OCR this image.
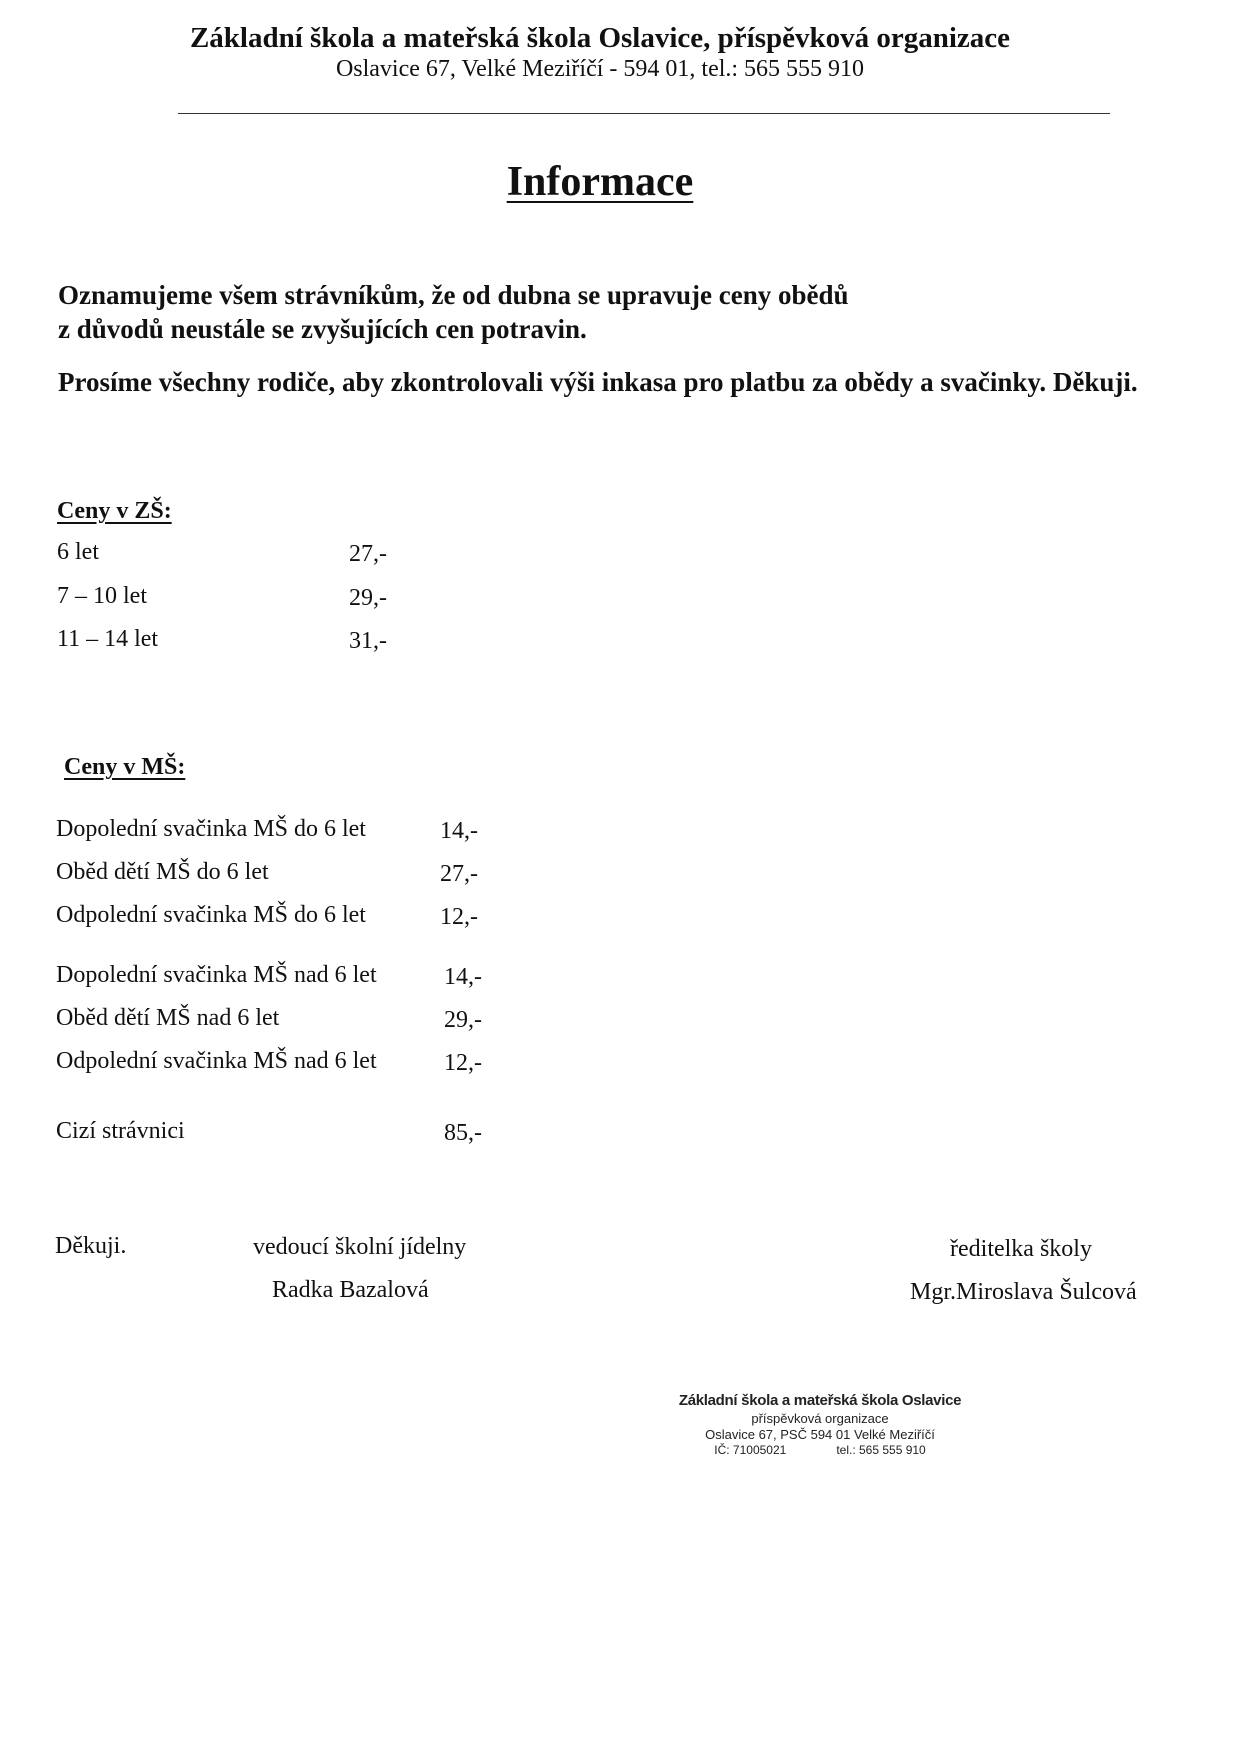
Základní škola a mateřská škola Oslavice, příspěvková organizace
Oslavice 67, Velké Meziříčí - 594 01, tel.: 565 555 910
Informace
Oznamujeme všem strávníkům, že od dubna se upravuje ceny obědů
z důvodů neustále se zvyšujících cen potravin.
Prosíme všechny rodiče, aby zkontrolovali výši inkasa pro platbu za obědy a svačinky. Děkuji.
Ceny v ZŠ:
6 let	27,-
7 – 10 let	29,-
11 – 14 let	31,-
Ceny v MŠ:
Dopolední svačinka MŠ do 6 let	14,-
Oběd dětí MŠ do 6 let	27,-
Odpolední svačinka MŠ do 6 let	12,-
Dopolední svačinka MŠ nad 6 let	14,-
Oběd dětí MŠ nad 6 let	29,-
Odpolední svačinka MŠ nad 6 let	12,-
Cizí strávnici	85,-
Děkuji.	vedoucí školní jídelny
Radka Bazalová
ředitelka školy
Mgr.Miroslava Šulcová
Základní škola a mateřská škola Oslavice
příspěvková organizace
Oslavice 67, PSČ 594 01 Velké Meziříčí
IČ: 71005021	tel.: 565 555 910
